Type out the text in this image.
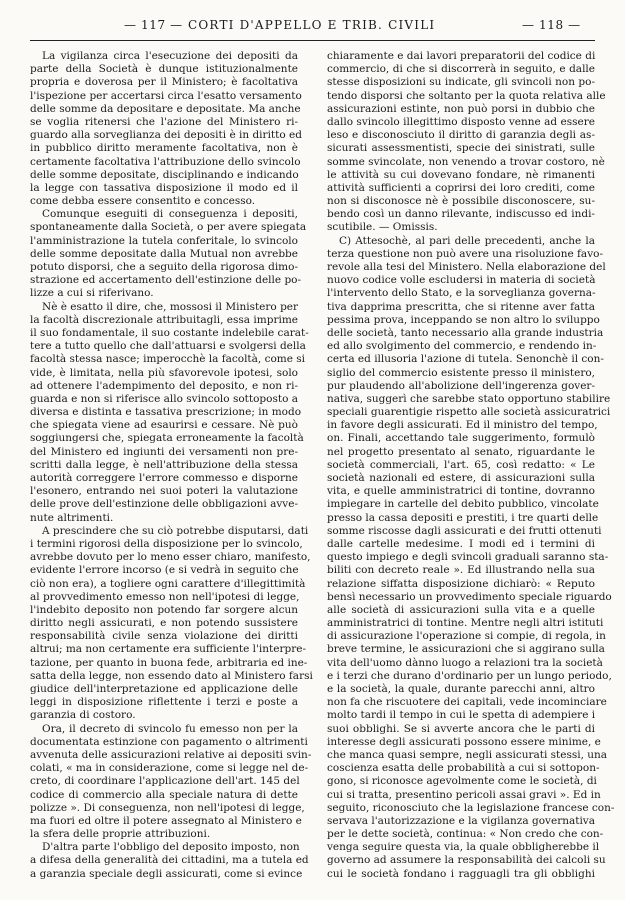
— 117 — CORTI D'APPELLO E TRIB. CIVILI	— 118 —
La vigilanza circa l'esecuzione dei depositi da
parte della Società è dunque istituzionalmente
propria e doverosa per il Ministero; è facoltativa
l'ispezione per accertarsi circa l'esatto versamento
delle somme da depositare e depositate. Ma anche
se voglia ritenersi che l'azione del Ministero ri-
guardo alla sorveglianza dei depositi è in diritto ed
in pubblico diritto meramente facoltativa, non è
certamente facoltativa l'attribuzione dello svincolo
delle somme depositate, disciplinando e indicando
la legge con tassativa disposizione il modo ed il
come debba essere consentito e concesso.
Comunque eseguiti di conseguenza i depositi,
spontaneamente dalla Società, o per avere spiegata
l'amministrazione la tutela conferitale, lo svincolo
delle somme depositate dalla Mutual non avrebbe
potuto disporsi, che a seguito della rigorosa dimo-
strazione ed accertamento dell'estinzione delle po-
lizze a cui si riferivano.
Nè è esatto il dire, che, mossosi il Ministero per
la facoltà discrezionale attribuitagli, essa imprime
il suo fondamentale, il suo costante indelebile carat-
tere a tutto quello che dall'attuarsi e svolgersi della
facoltà stessa nasce; imperocchè la facoltà, come si
vide, è limitata, nella più sfavorevole ipotesi, solo
ad ottenere l'adempimento del deposito, e non ri-
guarda e non si riferisce allo svincolo sottoposto a
diversa e distinta e tassativa prescrizione; in modo
che spiegata viene ad esaurirsi e cessare. Nè può
soggiungersi che, spiegata erroneamente la facoltà
del Ministero ed ingiunti dei versamenti non pre-
scritti dalla legge, è nell'attribuzione della stessa
autorità correggere l'errore commesso e disporne
l'esonero, entrando nei suoi poteri la valutazione
delle prove dell'estinzione delle obbligazioni avve-
nute altrimenti.
A prescindere che su ciò potrebbe disputarsi, dati
i termini rigorosi della disposizione per lo svincolo,
avrebbe dovuto per lo meno esser chiaro, manifesto,
evidente l'errore incorso (e si vedrà in seguito che
ciò non era), a togliere ogni carattere d'illegittimità
al provvedimento emesso non nell'ipotesi di legge,
l'indebito deposito non potendo far sorgere alcun
diritto negli assicurati, e non potendo sussistere
responsabilità civile senza violazione dei diritti
altrui; ma non certamente era sufficiente l'interpre-
tazione, per quanto in buona fede, arbitraria ed ine-
satta della legge, non essendo dato al Ministero farsi
giudice dell'interpretazione ed applicazione delle
leggi in disposizione riflettente i terzi e poste a
garanzia di costoro.
Ora, il decreto di svincolo fu emesso non per la
documentata estinzione con pagamento o altrimenti
avvenuta delle assicurazioni relative ai depositi svin-
colati, « ma in considerazione, come si legge nel de-
creto, di coordinare l'applicazione dell'art. 145 del
codice di commercio alla speciale natura di dette
polizze ». Di conseguenza, non nell'ipotesi di legge,
ma fuori ed oltre il potere assegnato al Ministero e
la sfera delle proprie attribuzioni.
D'altra parte l'obbligo del deposito imposto, non
a difesa della generalità dei cittadini, ma a tutela ed
a garanzia speciale degli assicurati, come si evince
chiaramente e dai lavori preparatorii del codice di
commercio, di che si discorrerà in seguito, e dalle
stesse disposizioni su indicate, gli svincoli non po-
tendo disporsi che soltanto per la quota relativa alle
assicurazioni estinte, non può porsi in dubbio che
dallo svincolo illegittimo disposto venne ad essere
leso e disconosciuto il diritto di garanzia degli as-
sicurati assessmentisti, specie dei sinistrati, sulle
somme svincolate, non venendo a trovar costoro, nè
le attività su cui dovevano fondare, nè rimanenti
attività sufficienti a coprirsi dei loro crediti, come
non si disconosce nè è possibile disconoscere, su-
bendo così un danno rilevante, indiscusso ed indi-
scutibile. — Omissis.
C) Attesochè, al pari delle precedenti, anche la
terza questione non può avere una risoluzione favo-
revole alla tesi del Ministero. Nella elaborazione del
nuovo codice volle escludersi in materia di società
l'intervento dello Stato, e la sorveglianza governa-
tiva dapprima prescritta, che si ritenne aver fatta
pessima prova, inceppando se non altro lo sviluppo
delle società, tanto necessario alla grande industria
ed allo svolgimento del commercio, e rendendo in-
certa ed illusoria l'azione di tutela. Senonchè il con-
siglio del commercio esistente presso il ministero,
pur plaudendo all'abolizione dell'ingerenza gover-
nativa, suggerì che sarebbe stato opportuno stabilire
speciali guarentigie rispetto alle società assicuratrici
in favore degli assicurati. Ed il ministro del tempo,
on. Finali, accettando tale suggerimento, formulò
nel progetto presentato al senato, riguardante le
società commerciali, l'art. 65, così redatto: « Le
società nazionali ed estere, di assicurazioni sulla
vita, e quelle amministratrici di tontine, dovranno
impiegare in cartelle del debito pubblico, vincolate
presso la cassa depositi e prestiti, i tre quarti delle
somme riscosse dagli assicurati e dei frutti ottenuti
dalle cartelle medesime. I modi ed i termini di
questo impiego e degli svincoli graduali saranno sta-
biliti con decreto reale ». Ed illustrando nella sua
relazione siffatta disposizione dichiarò: « Reputo
bensì necessario un provvedimento speciale riguardo
alle società di assicurazioni sulla vita e a quelle
amministratrici di tontine. Mentre negli altri istituti
di assicurazione l'operazione si compie, di regola, in
breve termine, le assicurazioni che si aggirano sulla
vita dell'uomo dànno luogo a relazioni tra la società
e i terzi che durano d'ordinario per un lungo periodo,
e la società, la quale, durante parecchi anni, altro
non fa che riscuotere dei capitali, vede incominciare
molto tardi il tempo in cui le spetta di adempiere i
suoi obblighi. Se si avverte ancora che le parti di
interesse degli assicurati possono essere minime, e
che manca quasi sempre, negli assicurati stessi, una
coscienza esatta delle probabilità a cui si sottopon-
gono, si riconosce agevolmente come le società, di
cui si tratta, presentino pericoli assai gravi ». Ed in
seguito, riconosciuto che la legislazione francese con-
servava l'autorizzazione e la vigilanza governativa
per le dette società, continua: « Non credo che con-
venga seguire questa via, la quale obbligherebbe il
governo ad assumere la responsabilità dei calcoli su
cui le società fondano i ragguagli tra gli obblighi
